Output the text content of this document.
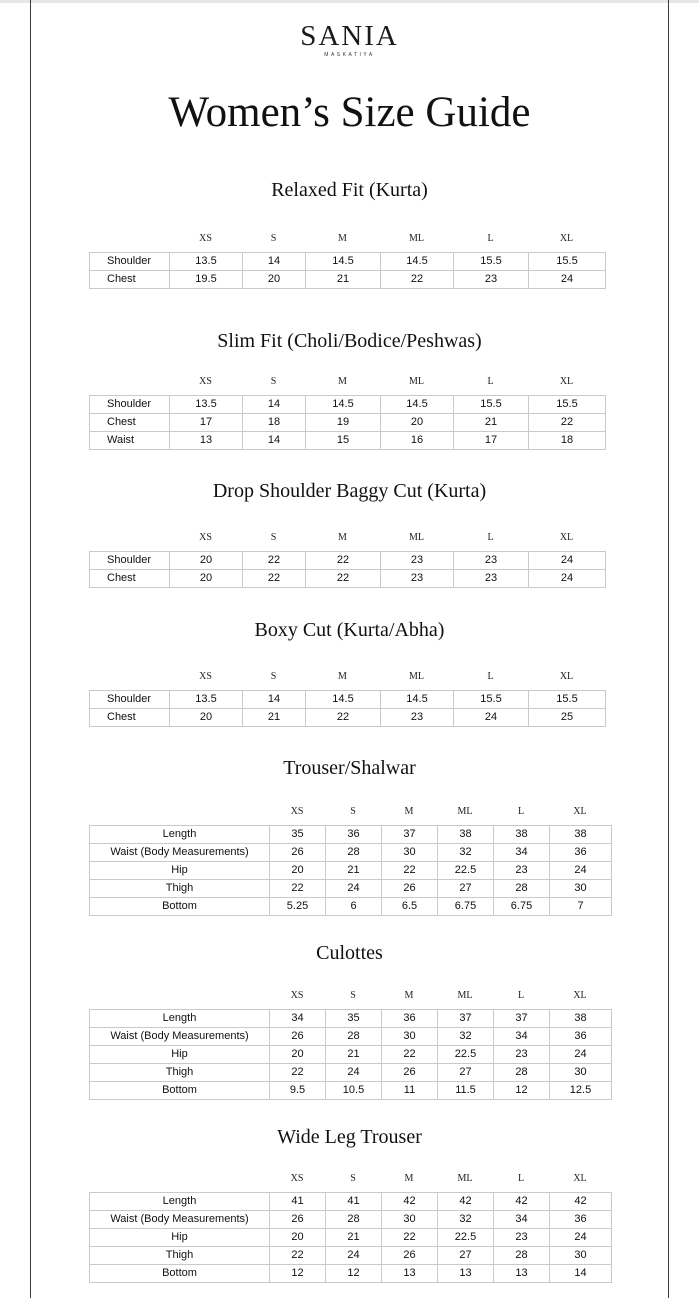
SANIA
MASKATIYA
Women’s Size Guide
Relaxed Fit (Kurta)
XS	S	M	ML	L	XL
Shoulder	13.5	14	14.5	14.5	15.5	15.5
Chest	19.5	20	21	22	23	24
Slim Fit (Choli/Bodice/Peshwas)
XS	S	M	ML	L	XL
Shoulder	13.5	14	14.5	14.5	15.5	15.5
Chest	17	18	19	20	21	22
Waist	13	14	15	16	17	18
Drop Shoulder Baggy Cut (Kurta)
XS	S	M	ML	L	XL
Shoulder	20	22	22	23	23	24
Chest	20	22	22	23	23	24
Boxy Cut (Kurta/Abha)
XS	S	M	ML	L	XL
Shoulder	13.5	14	14.5	14.5	15.5	15.5
Chest	20	21	22	23	24	25
Trouser/Shalwar
XS	S	M	ML	L	XL
Length	35	36	37	38	38	38
Waist (Body Measurements)	26	28	30	32	34	36
Hip	20	21	22	22.5	23	24
Thigh	22	24	26	27	28	30
Bottom	5.25	6	6.5	6.75	6.75	7
Culottes
XS	S	M	ML	L	XL
Length	34	35	36	37	37	38
Waist (Body Measurements)	26	28	30	32	34	36
Hip	20	21	22	22.5	23	24
Thigh	22	24	26	27	28	30
Bottom	9.5	10.5	11	11.5	12	12.5
Wide Leg Trouser
XS	S	M	ML	L	XL
Length	41	41	42	42	42	42
Waist (Body Measurements)	26	28	30	32	34	36
Hip	20	21	22	22.5	23	24
Thigh	22	24	26	27	28	30
Bottom	12	12	13	13	13	14
